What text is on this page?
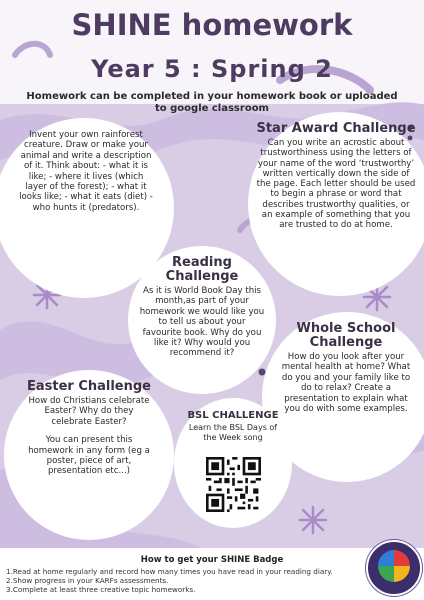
SHINE homework
Year 5 : Spring 2
Homework can be completed in your homework book or uploaded to google classroom
Invent your own rainforest creature. Draw or make your animal and write a description of it. Think about: - what it is like; - where it lives (which layer of the forest); - what it looks like; - what it eats (diet) - who hunts it (predators).
Star Award Challenge
Can you write an acrostic about trustworthiness using the letters of your name of the word ‘trustworthy’ written vertically down the side of the page. Each letter should be used to begin a phrase or word that describes trustworthy qualities, or an example of something that you are trusted to do at home.
Reading Challenge
As it is World Book Day this month,as part of your homework we would like you to tell us about your favourite book. Why do you like it? Why would you recommend it?
Whole School Challenge
How do you look after your mental health at home? What do you and your family like to do to relax? Create a presentation to explain what you do with some examples.
Easter Challenge
How do Christians celebrate Easter? Why do they celebrate Easter?
You can present this homework in any form (eg a poster, piece of art, presentation etc...)
BSL CHALLENGE
Learn the BSL Days of the Week song
How to get your SHINE Badge
1.Read at home regularly and record how many times you have read in your reading diary.
2.Show progress in your KARFs assessments.
3.Complete at least three creative topic homeworks.
